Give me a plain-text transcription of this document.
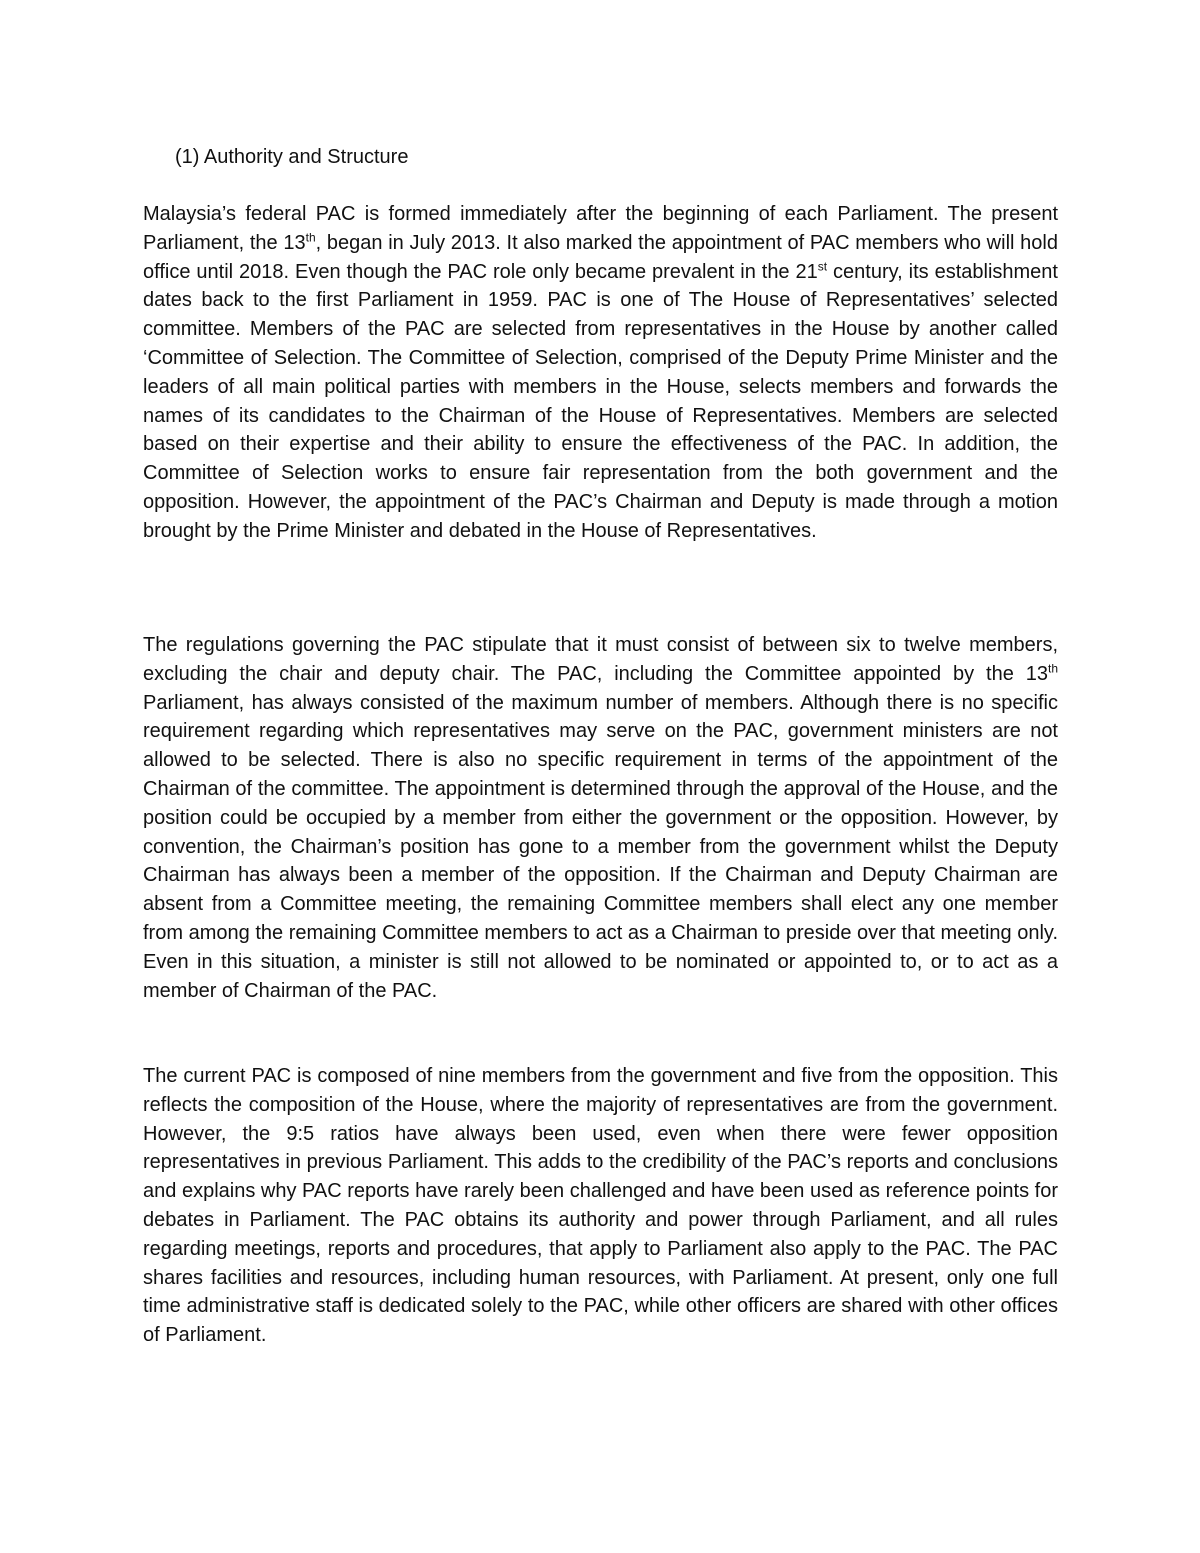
(1) Authority and Structure

Malaysia’s federal PAC is formed immediately after the beginning of each Parliament. The present Parliament, the 13th, began in July 2013. It also marked the appointment of PAC members who will hold office until 2018. Even though the PAC role only became prevalent in the 21st century, its establishment dates back to the first Parliament in 1959. PAC is one of The House of Representatives’ selected committee. Members of the PAC are selected from representatives in the House by another called ‘Committee of Selection. The Committee of Selection, comprised of the Deputy Prime Minister and the leaders of all main political parties with members in the House, selects members and forwards the names of its candidates to the Chairman of the House of Representatives. Members are selected based on their expertise and their ability to ensure the effectiveness of the PAC. In addition, the Committee of Selection works to ensure fair representation from the both government and the opposition. However, the appointment of the PAC’s Chairman and Deputy is made through a motion brought by the Prime Minister and debated in the House of Representatives.

The regulations governing the PAC stipulate that it must consist of between six to twelve members, excluding the chair and deputy chair. The PAC, including the Committee appointed by the 13th Parliament, has always consisted of the maximum number of members. Although there is no specific requirement regarding which representatives may serve on the PAC, government ministers are not allowed to be selected. There is also no specific requirement in terms of the appointment of the Chairman of the committee. The appointment is determined through the approval of the House, and the position could be occupied by a member from either the government or the opposition. However, by convention, the Chairman’s position has gone to a member from the government whilst the Deputy Chairman has always been a member of the opposition. If the Chairman and Deputy Chairman are absent from a Committee meeting, the remaining Committee members shall elect any one member from among the remaining Committee members to act as a Chairman to preside over that meeting only. Even in this situation, a minister is still not allowed to be nominated or appointed to, or to act as a member of Chairman of the PAC.

The current PAC is composed of nine members from the government and five from the opposition. This reflects the composition of the House, where the majority of representatives are from the government. However, the 9:5 ratios have always been used, even when there were fewer opposition representatives in previous Parliament. This adds to the credibility of the PAC’s reports and conclusions and explains why PAC reports have rarely been challenged and have been used as reference points for debates in Parliament. The PAC obtains its authority and power through Parliament, and all rules regarding meetings, reports and procedures, that apply to Parliament also apply to the PAC. The PAC shares facilities and resources, including human resources, with Parliament. At present, only one full time administrative staff is dedicated solely to the PAC, while other officers are shared with other offices of Parliament.
